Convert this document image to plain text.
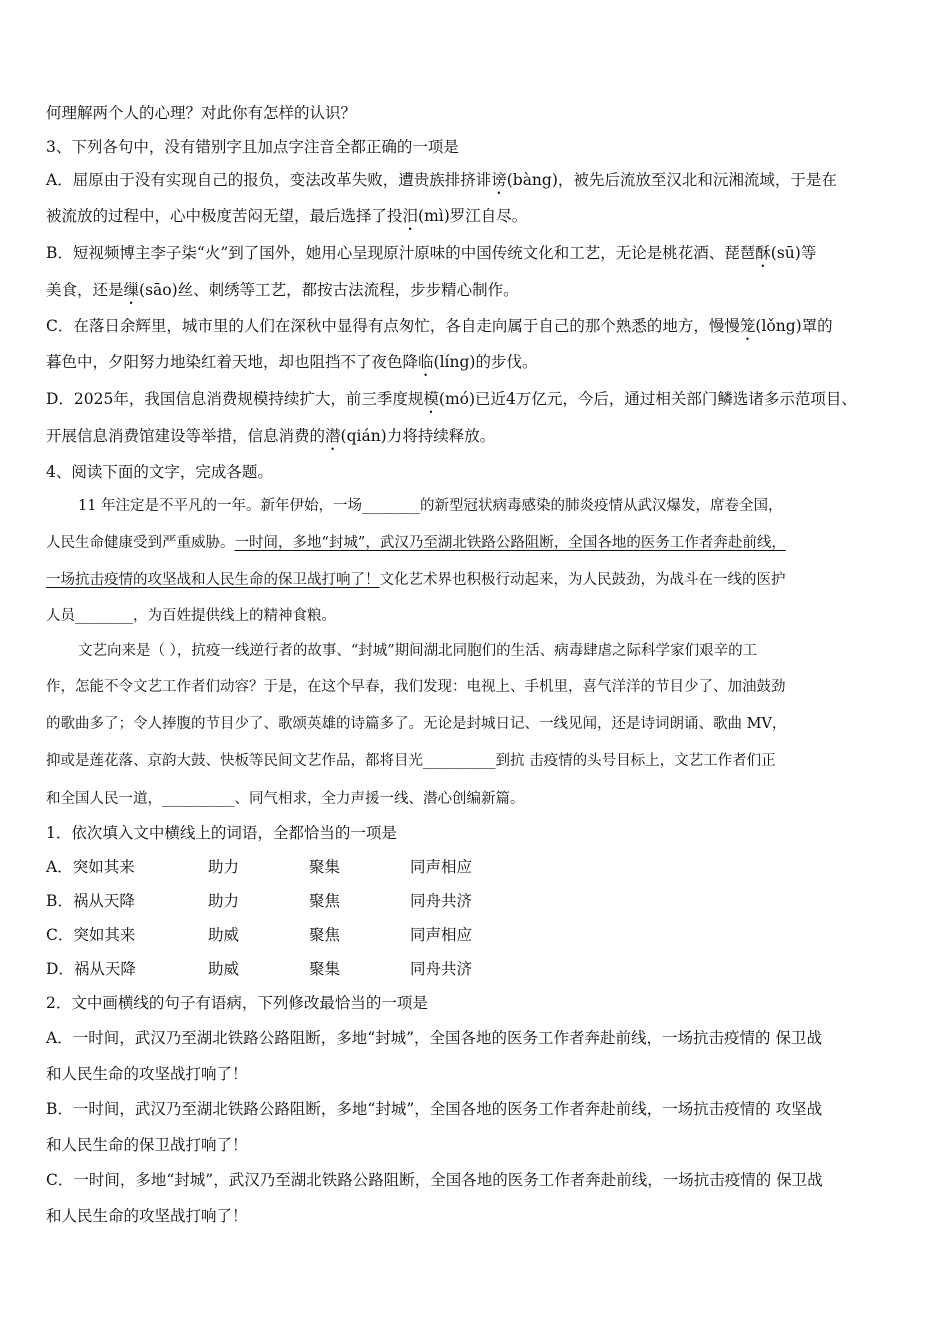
何理解两个人的心理？对此你有怎样的认识？
3、下列各句中，没有错别字且加点字注音全都正确的一项是
A．屈原由于没有实现自己的报负，变法改革失败，遭贵族排挤诽谤(bàng)，被先后流放至汉北和沅湘流域，于是在
被流放的过程中，心中极度苦闷无望，最后选择了投汨(mì)罗江自尽。
B．短视频博主李子柒“火”到了国外，她用心呈现原汁原味的中国传统文化和工艺，无论是桃花酒、琵琶酥(sū)等
美食，还是缫(sāo)丝、刺绣等工艺，都按古法流程，步步精心制作。
C．在落日余辉里，城市里的人们在深秋中显得有点匆忙，各自走向属于自己的那个熟悉的地方，慢慢笼(lǒng)罩的
暮色中，夕阳努力地染红着天地，却也阻挡不了夜色降临(líng)的步伐。
D．2025年，我国信息消费规模持续扩大，前三季度规模(mó)已近4万亿元，今后，通过相关部门鳞选诸多示范项目、
开展信息消费馆建设等举措，信息消费的潜(qián)力将持续释放。
4、阅读下面的文字，完成各题。
11 年注定是不平凡的一年。新年伊始，一场________的新型冠状病毒感染的肺炎疫情从武汉爆发，席卷全国，
人民生命健康受到严重威胁。一时间，多地“封城”，武汉乃至湖北铁路公路阻断，全国各地的医务工作者奔赴前线，
一场抗击疫情的攻坚战和人民生命的保卫战打响了！文化艺术界也积极行动起来，为人民鼓劲，为战斗在一线的医护
人员________，为百姓提供线上的精神食粮。
文艺向来是（ ），抗疫一线逆行者的故事、“封城”期间湖北同胞们的生活、病毒肆虐之际科学家们艰辛的工
作，怎能不令文艺工作者们动容？于是，在这个早春，我们发现：电视上、手机里，喜气洋洋的节目少了、加油鼓劲
的歌曲多了；令人捧腹的节目少了、歌颂英雄的诗篇多了。无论是封城日记、一线见闻，还是诗词朗诵、歌曲 MV，
抑或是莲花落、京韵大鼓、快板等民间文艺作品，都将目光__________到抗 击疫情的头号目标上，文艺工作者们正
和全国人民一道，__________、同气相求，全力声援一线、潜心创编新篇。
1．依次填入文中横线上的词语，全都恰当的一项是
A．突如其来	助力	聚集	同声相应
B．祸从天降	助力	聚焦	同舟共济
C．突如其来	助威	聚焦	同声相应
D．祸从天降	助威	聚集	同舟共济
2．文中画横线的句子有语病，下列修改最恰当的一项是
A．一时间，武汉乃至湖北铁路公路阻断，多地“封城”，全国各地的医务工作者奔赴前线，一场抗击疫情的 保卫战
和人民生命的攻坚战打响了！
B．一时间，武汉乃至湖北铁路公路阻断，多地“封城”，全国各地的医务工作者奔赴前线，一场抗击疫情的 攻坚战
和人民生命的保卫战打响了！
C．一时间，多地“封城”，武汉乃至湖北铁路公路阻断，全国各地的医务工作者奔赴前线，一场抗击疫情的 保卫战
和人民生命的攻坚战打响了！
